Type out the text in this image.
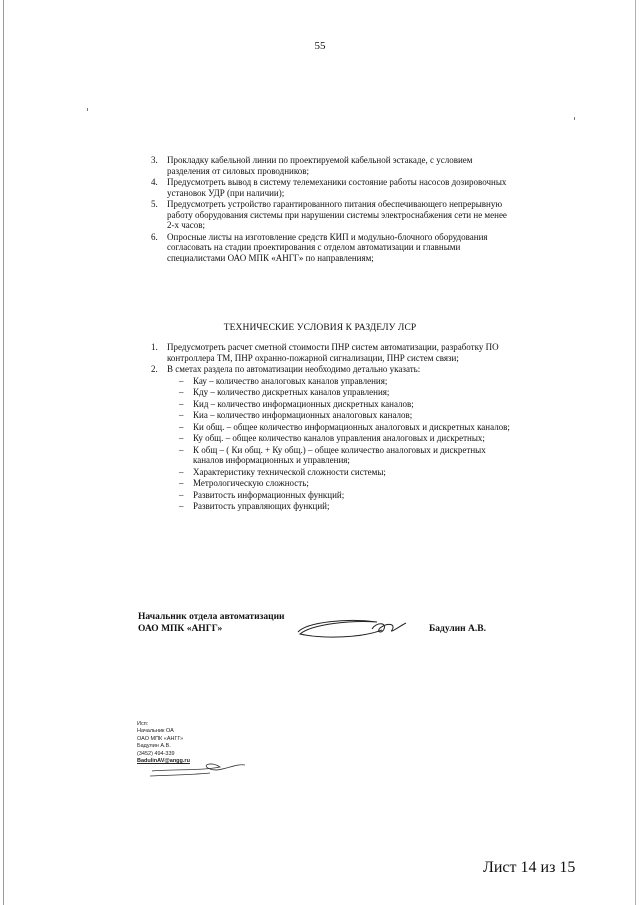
55
3. Прокладку кабельной линии по проектируемой кабельной эстакаде, с условием разделения от силовых проводников;
4. Предусмотреть вывод в систему телемеханики состояние работы насосов дозировочных установок УДР (при наличии);
5. Предусмотреть устройство гарантированного питания обеспечивающего непрерывную работу оборудования системы при нарушении системы электроснабжения сети не менее 2-х часов;
6. Опросные листы на изготовление средств КИП и модульно-блочного оборудования согласовать на стадии проектирования с отделом автоматизации и главными специалистами ОАО МПК «АНГГ» по направлениям;
ТЕХНИЧЕСКИЕ УСЛОВИЯ К РАЗДЕЛУ ЛСР
1. Предусмотреть расчет сметной стоимости ПНР систем автоматизации, разработку ПО контроллера ТМ, ПНР охранно-пожарной сигнализации, ПНР систем связи;
2. В сметах раздела по автоматизации необходимо детально указать:
– Кау – количество аналоговых каналов управления;
– Кду – количество дискретных каналов управления;
– Кид – количество информационных дискретных каналов;
– Киа – количество информационных аналоговых каналов;
– Ки общ. – общее количество информационных аналоговых и дискретных каналов;
– Ку общ. – общее количество каналов управления аналоговых и дискретных;
– К общ – ( Ки общ. + Ку общ.) – общее количество аналоговых и дискретных каналов информационных и управления;
– Характеристику технической сложности системы;
– Метрологическую сложность;
– Развитость информационных функций;
– Развитость управляющих функций;
Начальник отдела автоматизации
ОАО МПК «АНГГ»	Бадулин А.В.
Исп:
Начальник ОА
ОАО МПК «АНГГ»
Бадулин А.В.
(3452) 494-339
BadulinAV@angg.ru
Лист 14 из 15
